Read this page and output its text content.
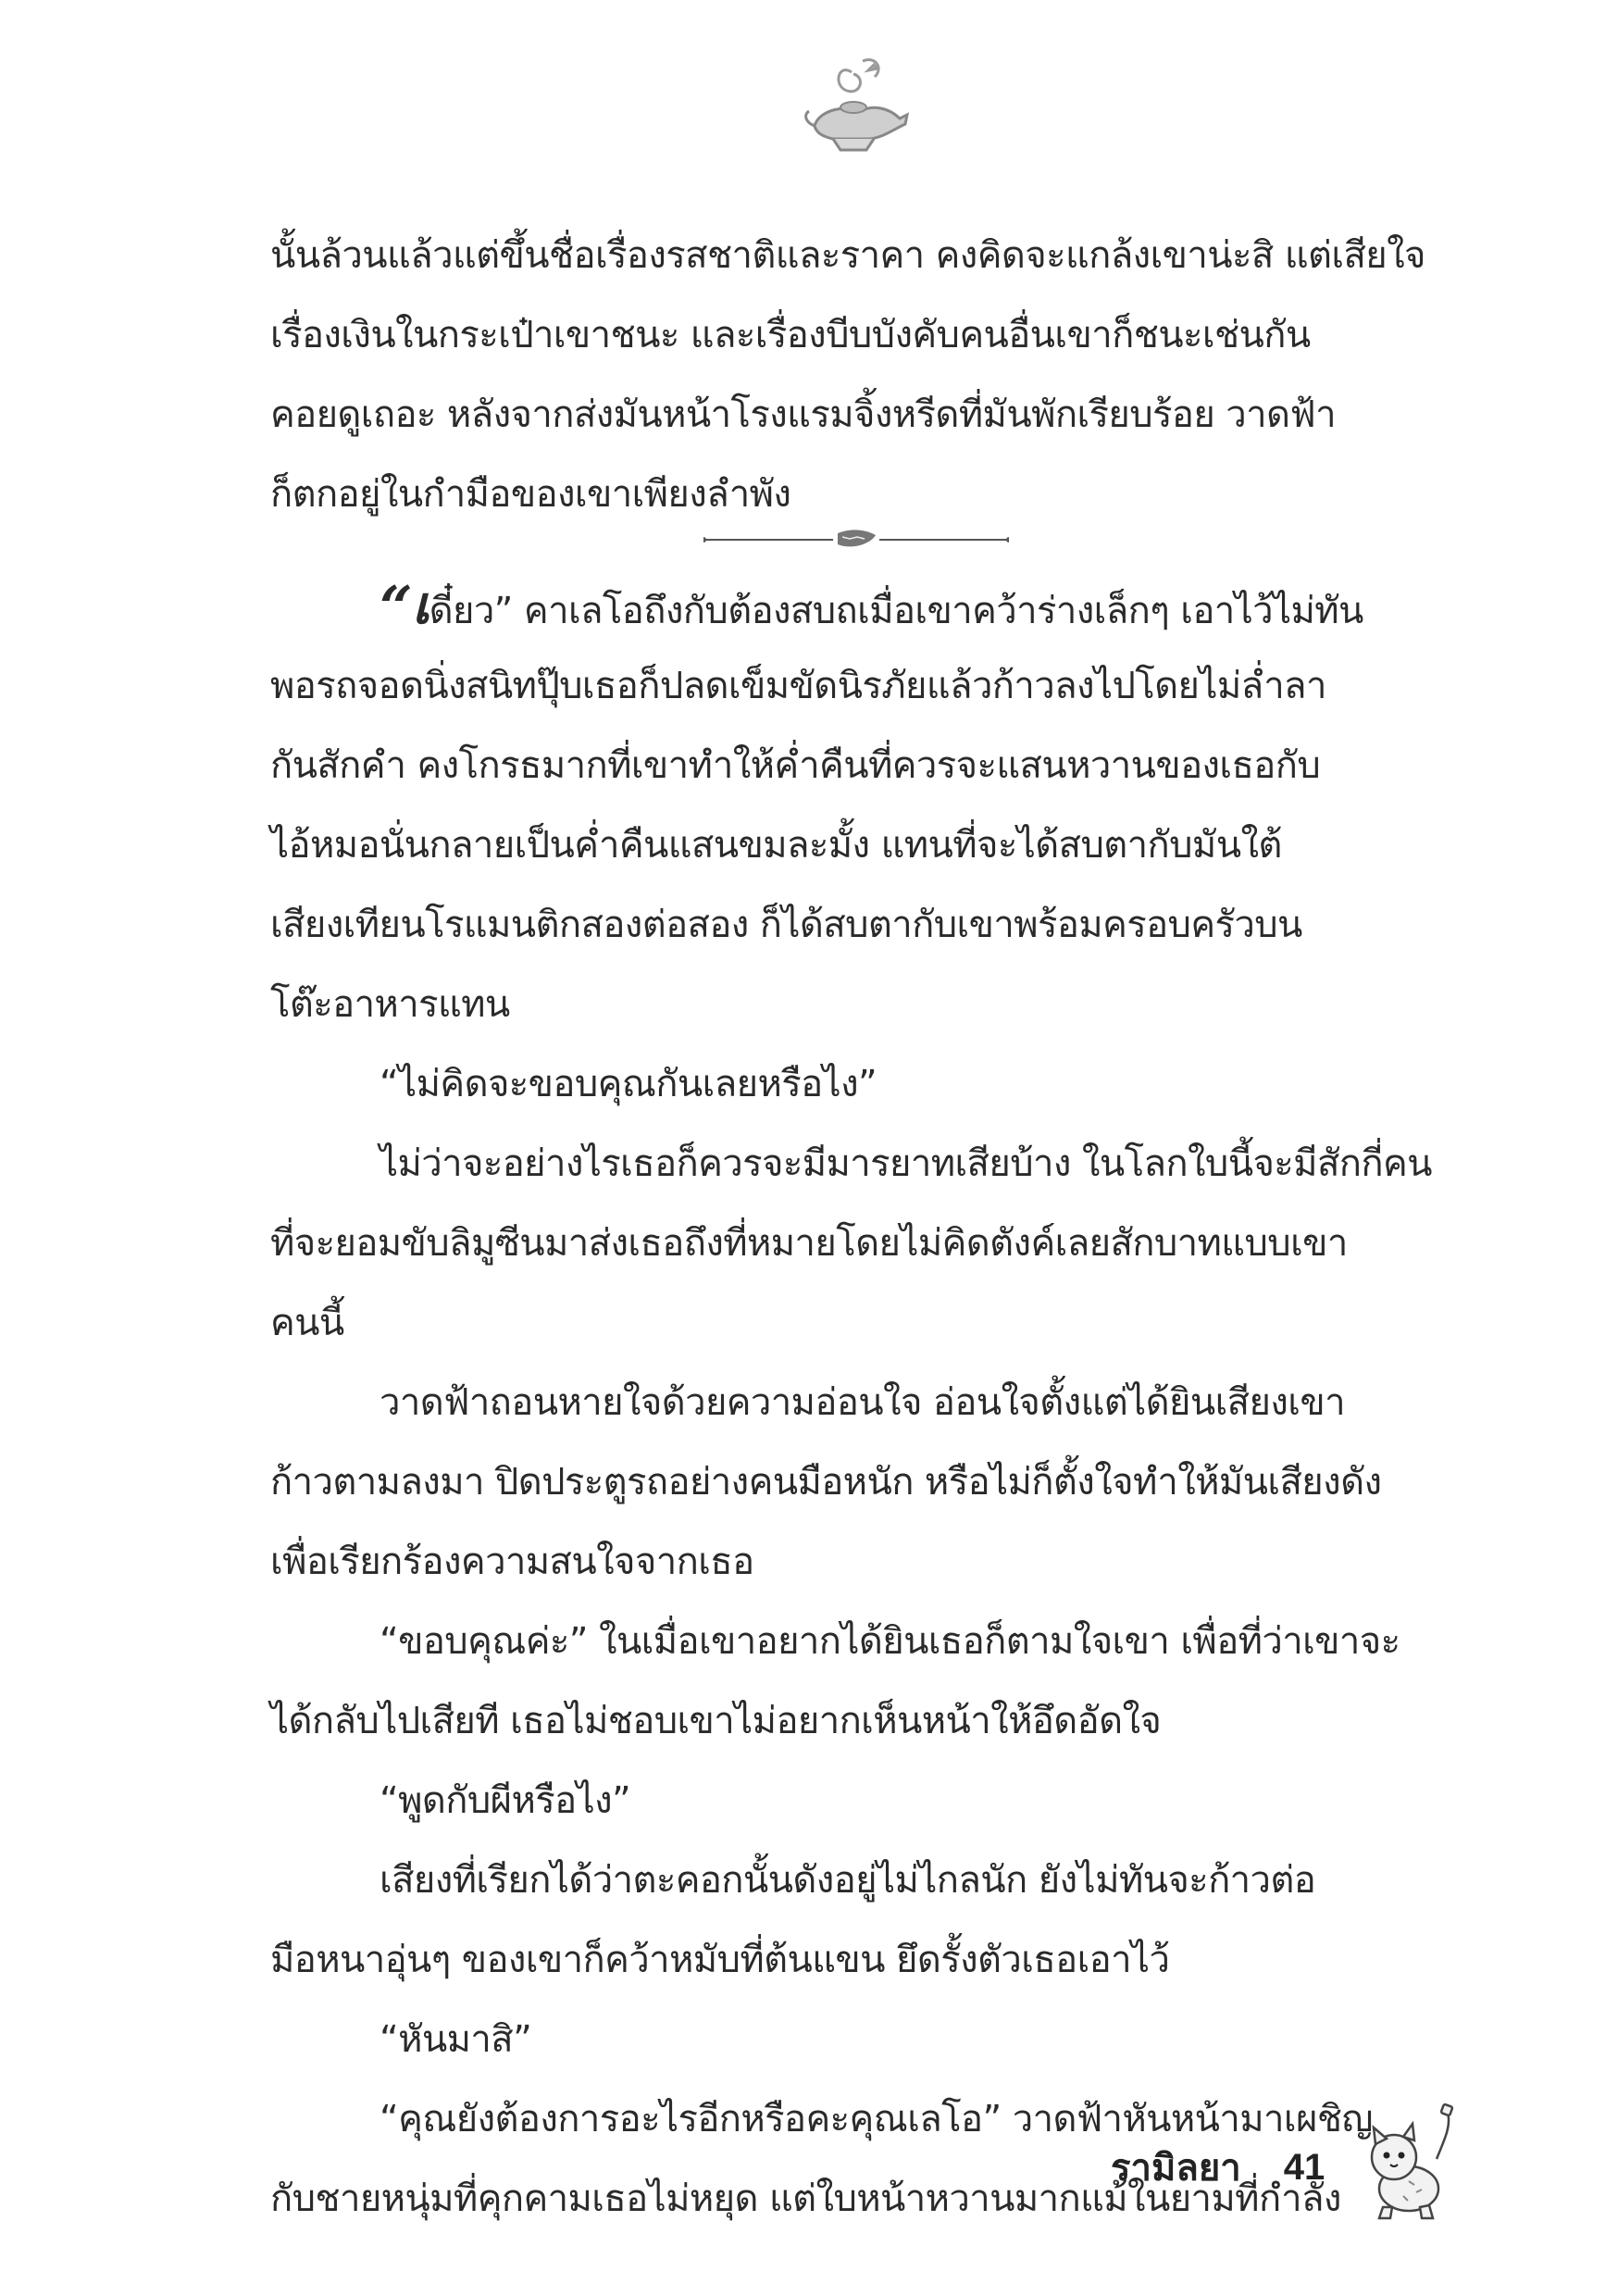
นั้นล้วนแล้วแต่ขึ้นชื่อเรื่องรสชาติและราคา คงคิดจะแกล้งเขาน่ะสิ แต่เสียใจ
เรื่องเงินในกระเป๋าเขาชนะ และเรื่องบีบบังคับคนอื่นเขาก็ชนะเช่นกัน
คอยดูเถอะ หลังจากส่งมันหน้าโรงแรมจิ้งหรีดที่มันพักเรียบร้อย วาดฟ้า
ก็ตกอยู่ในกำมือของเขาเพียงลำพัง
“เดี๋ยว” คาเลโอถึงกับต้องสบถเมื่อเขาคว้าร่างเล็กๆ เอาไว้ไม่ทัน
พอรถจอดนิ่งสนิทปุ๊บเธอก็ปลดเข็มขัดนิรภัยแล้วก้าวลงไปโดยไม่ล่ำลา
กันสักคำ คงโกรธมากที่เขาทำให้ค่ำคืนที่ควรจะแสนหวานของเธอกับ
ไอ้หมอนั่นกลายเป็นค่ำคืนแสนขมละมั้ง แทนที่จะได้สบตากับมันใต้
เสียงเทียนโรแมนติกสองต่อสอง ก็ได้สบตากับเขาพร้อมครอบครัวบน
โต๊ะอาหารแทน
“ไม่คิดจะขอบคุณกันเลยหรือไง”
ไม่ว่าจะอย่างไรเธอก็ควรจะมีมารยาทเสียบ้าง ในโลกใบนี้จะมีสักกี่คน
ที่จะยอมขับลิมูซีนมาส่งเธอถึงที่หมายโดยไม่คิดตังค์เลยสักบาทแบบเขา
คนนี้
วาดฟ้าถอนหายใจด้วยความอ่อนใจ อ่อนใจตั้งแต่ได้ยินเสียงเขา
ก้าวตามลงมา ปิดประตูรถอย่างคนมือหนัก หรือไม่ก็ตั้งใจทำให้มันเสียงดัง
เพื่อเรียกร้องความสนใจจากเธอ
“ขอบคุณค่ะ” ในเมื่อเขาอยากได้ยินเธอก็ตามใจเขา เพื่อที่ว่าเขาจะ
ได้กลับไปเสียที เธอไม่ชอบเขาไม่อยากเห็นหน้าให้อึดอัดใจ
“พูดกับผีหรือไง”
เสียงที่เรียกได้ว่าตะคอกนั้นดังอยู่ไม่ไกลนัก ยังไม่ทันจะก้าวต่อ
มือหนาอุ่นๆ ของเขาก็คว้าหมับที่ต้นแขน ยึดรั้งตัวเธอเอาไว้
“หันมาสิ”
“คุณยังต้องการอะไรอีกหรือคะคุณเลโอ” วาดฟ้าหันหน้ามาเผชิญ
กับชายหนุ่มที่คุกคามเธอไม่หยุด แต่ใบหน้าหวานมากแม้ในยามที่กำลัง
รามิลยา 41
